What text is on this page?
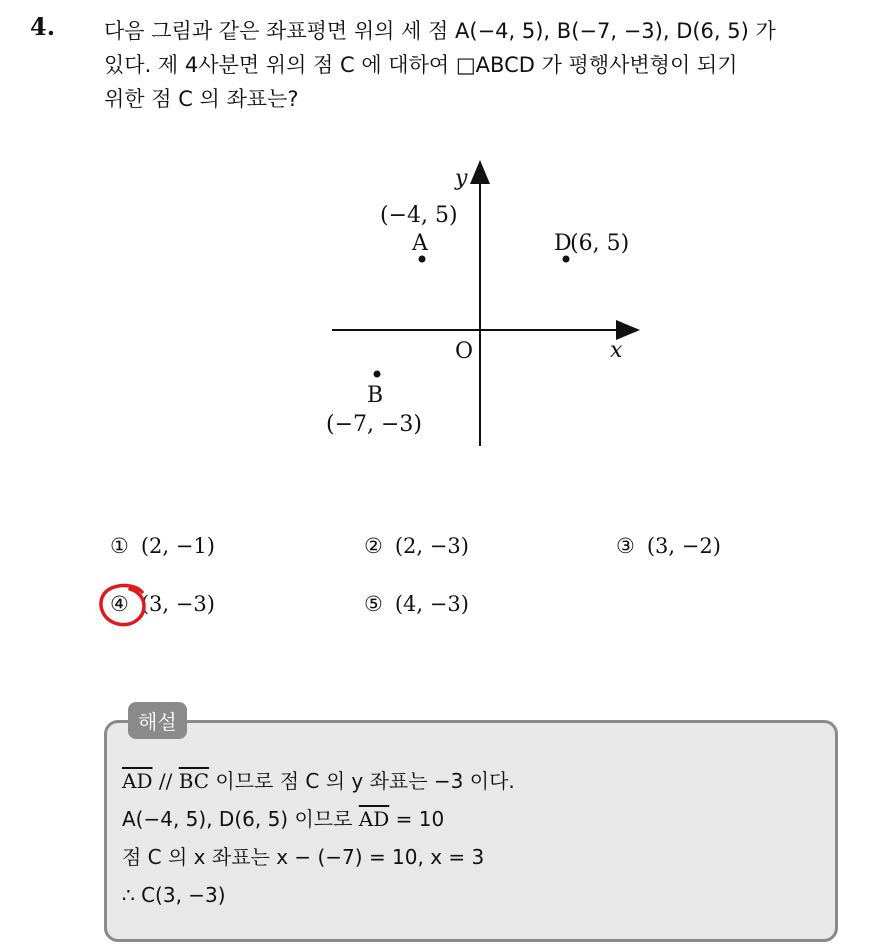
4. 다음 그림과 같은 좌표평면 위의 세 점 A(−4, 5), B(−7, −3), D(6, 5) 가
있다. 제 4사분면 위의 점 C 에 대하여 □ABCD 가 평행사변형이 되기
위한 점 C 의 좌표는?
y
x
O
(−4, 5)
A	D
(6, 5)
B
(−7, −3)
① (2, −1)	② (2, −3)	③ (3, −2)
④ (3, −3)	⑤ (4, −3)
해설
$\overline{AD} // \overline{BC}$ 이므로 점 C 의 y 좌표는 −3 이다.
A(−4, 5), D(6, 5) 이므로 $\overline{AD} = 10$
점 C 의 x 좌표는 x − (−7) = 10, x = 3
∴ C(3, −3)
